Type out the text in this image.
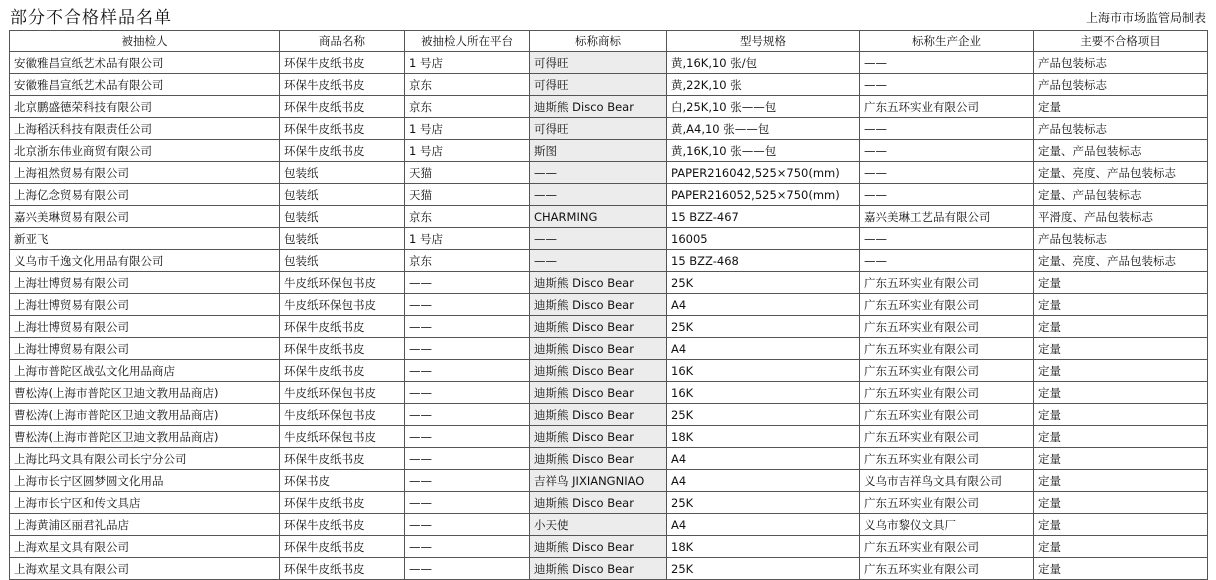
部分不合格样品名单	上海市市场监管局制表
被抽检人	商品名称	被抽检人所在平台	标称商标	型号规格	标称生产企业	主要不合格项目
安徽雅昌宣纸艺术品有限公司	环保牛皮纸书皮	1 号店	可得旺	黄,16K,10 张/包	——	产品包装标志
安徽雅昌宣纸艺术品有限公司	环保牛皮纸书皮	京东	可得旺	黄,22K,10 张	——	产品包装标志
北京鹏盛德荣科技有限公司	环保牛皮纸书皮	京东	迪斯熊 Disco Bear	白,25K,10 张——包	广东五环实业有限公司	定量
上海稻沃科技有限责任公司	环保牛皮纸书皮	1 号店	可得旺	黄,A4,10 张——包	——	产品包装标志
北京浙东伟业商贸有限公司	环保牛皮纸书皮	1 号店	斯图	黄,16K,10 张——包	——	定量、产品包装标志
上海祖然贸易有限公司	包装纸	天猫	——	PAPER216042,525×750(mm)	——	定量、亮度、产品包装标志
上海亿念贸易有限公司	包装纸	天猫	——	PAPER216052,525×750(mm)	——	定量、产品包装标志
嘉兴美琳贸易有限公司	包装纸	京东	CHARMING	15 BZZ-467	嘉兴美琳工艺品有限公司	平滑度、产品包装标志
新亚飞	包装纸	1 号店	——	16005	——	产品包装标志
义乌市千逸文化用品有限公司	包装纸	京东	——	15 BZZ-468	——	定量、亮度、产品包装标志
上海壮博贸易有限公司	牛皮纸环保包书皮	——	迪斯熊 Disco Bear	25K	广东五环实业有限公司	定量
上海壮博贸易有限公司	牛皮纸环保包书皮	——	迪斯熊 Disco Bear	A4	广东五环实业有限公司	定量
上海壮博贸易有限公司	环保牛皮纸书皮	——	迪斯熊 Disco Bear	25K	广东五环实业有限公司	定量
上海壮博贸易有限公司	环保牛皮纸书皮	——	迪斯熊 Disco Bear	A4	广东五环实业有限公司	定量
上海市普陀区战弘文化用品商店	环保牛皮纸书皮	——	迪斯熊 Disco Bear	16K	广东五环实业有限公司	定量
曹松涛(上海市普陀区卫迪文教用品商店)	牛皮纸环保包书皮	——	迪斯熊 Disco Bear	16K	广东五环实业有限公司	定量
曹松涛(上海市普陀区卫迪文教用品商店)	牛皮纸环保包书皮	——	迪斯熊 Disco Bear	25K	广东五环实业有限公司	定量
曹松涛(上海市普陀区卫迪文教用品商店)	牛皮纸环保包书皮	——	迪斯熊 Disco Bear	18K	广东五环实业有限公司	定量
上海比玛文具有限公司长宁分公司	环保牛皮纸书皮	——	迪斯熊 Disco Bear	A4	广东五环实业有限公司	定量
上海市长宁区圆梦圆文化用品	环保书皮	——	吉祥鸟 JIXIANGNIAO	A4	义乌市吉祥鸟文具有限公司	定量
上海市长宁区和传文具店	环保牛皮纸书皮	——	迪斯熊 Disco Bear	25K	广东五环实业有限公司	定量
上海黄浦区丽君礼品店	环保牛皮纸书皮	——	小天使	A4	义乌市黎仪文具厂	定量
上海欢星文具有限公司	环保牛皮纸书皮	——	迪斯熊 Disco Bear	18K	广东五环实业有限公司	定量
上海欢星文具有限公司	环保牛皮纸书皮	——	迪斯熊 Disco Bear	25K	广东五环实业有限公司	定量
